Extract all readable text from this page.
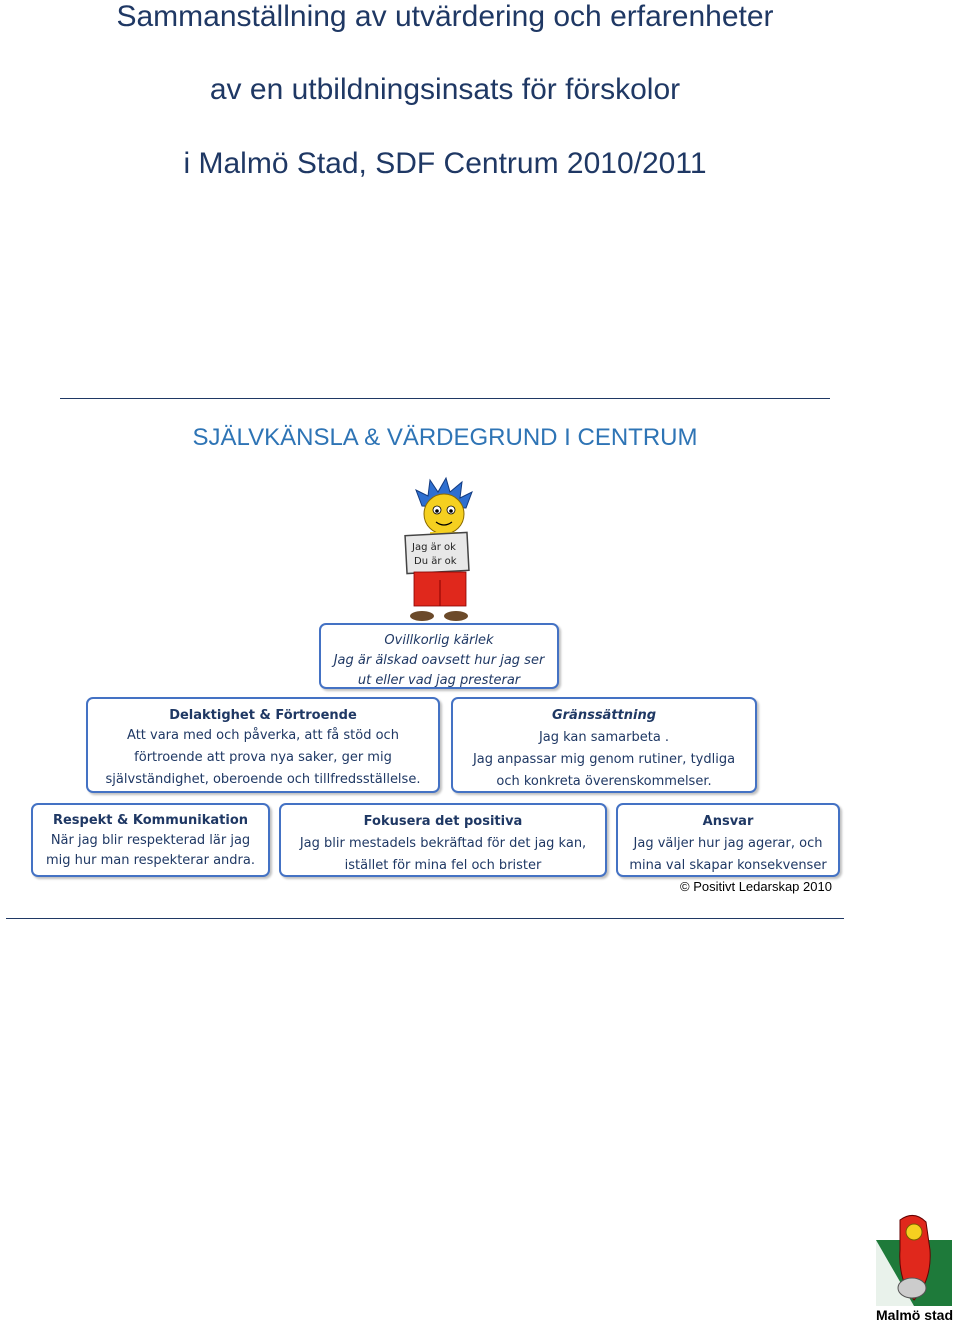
Sammanställning av utvärdering och erfarenheter
av en utbildningsinsats för förskolor
i Malmö Stad, SDF Centrum 2010/2011
SJÄLVKÄNSLA & VÄRDEGRUND I CENTRUM
Jag är ok
Du är ok
Ovillkorlig kärlek
Jag är älskad oavsett hur jag ser
ut eller vad jag presterar
Delaktighet & Förtroende
Att vara med och påverka, att få stöd och
förtroende att prova nya saker, ger mig
självständighet, oberoende och tillfredsställelse.
Gränssättning
Jag kan samarbeta .
Jag anpassar mig genom rutiner, tydliga
och konkreta överenskommelser.
Respekt & Kommunikation
När jag blir respekterad lär jag
mig hur man respekterar andra.
Fokusera det positiva
Jag blir mestadels bekräftad för det jag kan,
istället för mina fel och brister
Ansvar
Jag väljer hur jag agerar, och
mina val skapar konsekvenser
© Positivt Ledarskap 2010
Malmö stad
